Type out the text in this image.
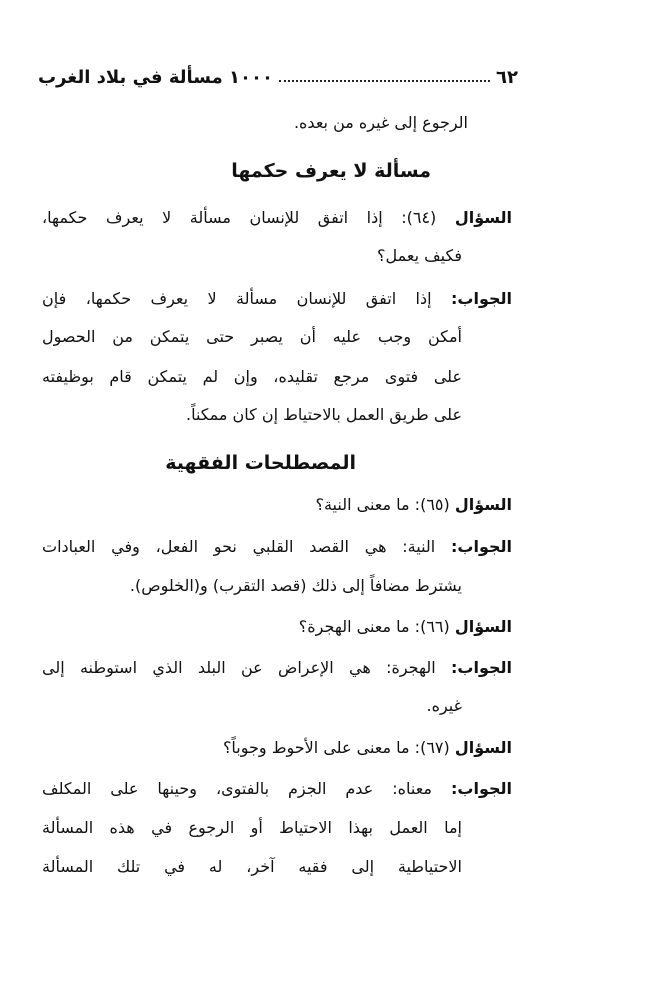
٦٢
١٠٠٠ مسألة في بلاد الغرب
الرجوع إلى غيره من بعده.
مسألة لا يعرف حكمها
السؤال (٦٤): إذا اتفق للإنسان مسألة لا يعرف حكمها،
فكيف يعمل؟
الجواب: إذا اتفق للإنسان مسألة لا يعرف حكمها، فإن
أمكن وجب عليه أن يصبر حتى يتمكن من الحصول
على فتوى مرجع تقليده، وإن لم يتمكن قام بوظيفته
على طريق العمل بالاحتياط إن كان ممكناً.
المصطلحات الفقهية
السؤال (٦٥): ما معنى النية؟
الجواب: النية: هي القصد القلبي نحو الفعل، وفي العبادات
يشترط مضافاً إلى ذلك (قصد التقرب) و(الخلوص).
السؤال (٦٦): ما معنى الهجرة؟
الجواب: الهجرة: هي الإعراض عن البلد الذي استوطنه إلى
غيره.
السؤال (٦٧): ما معنى على الأحوط وجوباً؟
الجواب: معناه: عدم الجزم بالفتوى، وحينها على المكلف
إما العمل بهذا الاحتياط أو الرجوع في هذه المسألة
الاحتياطية إلى فقيه آخر، له في تلك المسألة
